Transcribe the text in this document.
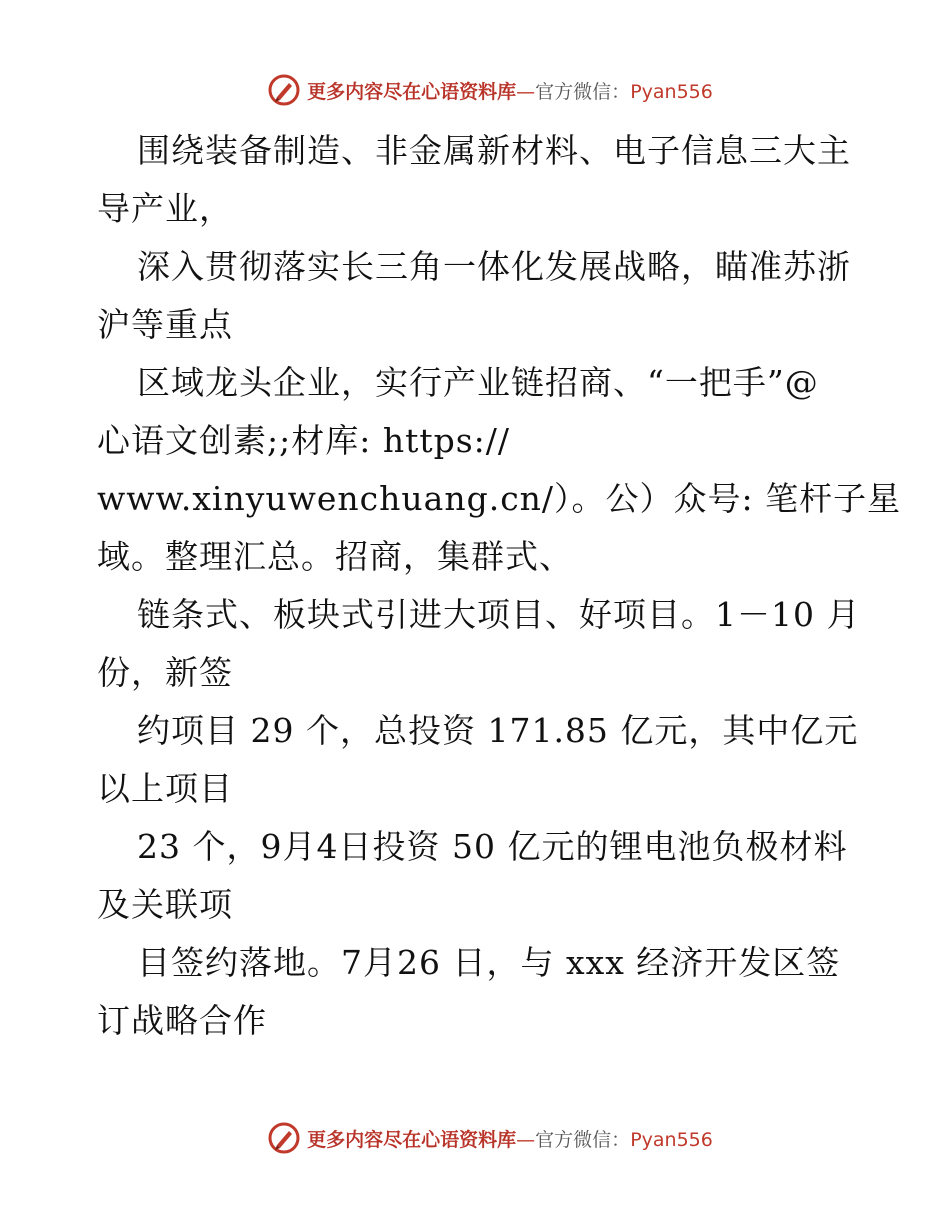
更多内容尽在心语资料库—官方微信：Pyan556
围绕装备制造、非金属新材料、电子信息三大主
导产业，
深入贯彻落实长三角一体化发展战略，瞄准苏浙
沪等重点
区域龙头企业，实行产业链招商、“一把手”@
心语文创素;;材库: https://
www.xinyuwenchuang.cn/）。公）众号: 笔杆子星
域。整理汇总。招商，集群式、
链条式、板块式引进大项目、好项目。1－10 月
份，新签
约项目 29 个，总投资 171.85 亿元，其中亿元
以上项目
23 个，9月4日投资 50 亿元的锂电池负极材料
及关联项
目签约落地。7月26 日，与 xxx 经济开发区签
订战略合作
更多内容尽在心语资料库—官方微信：Pyan556
